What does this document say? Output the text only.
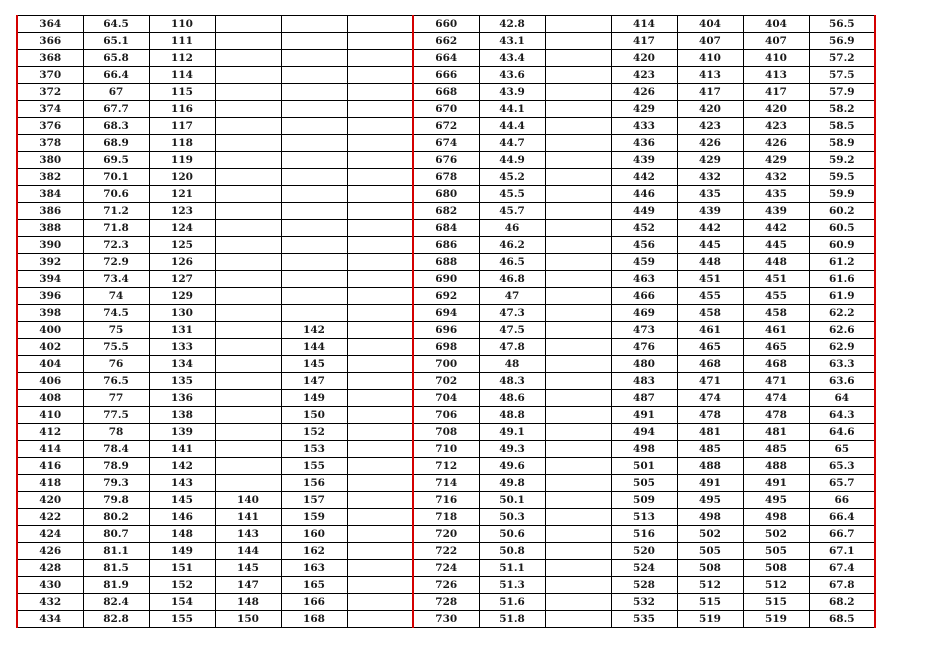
364	64.5	110				660	42.8		414	404	404	56.5
366	65.1	111				662	43.1		417	407	407	56.9
368	65.8	112				664	43.4		420	410	410	57.2
370	66.4	114				666	43.6		423	413	413	57.5
372	67	115				668	43.9		426	417	417	57.9
374	67.7	116				670	44.1		429	420	420	58.2
376	68.3	117				672	44.4		433	423	423	58.5
378	68.9	118				674	44.7		436	426	426	58.9
380	69.5	119				676	44.9		439	429	429	59.2
382	70.1	120				678	45.2		442	432	432	59.5
384	70.6	121				680	45.5		446	435	435	59.9
386	71.2	123				682	45.7		449	439	439	60.2
388	71.8	124				684	46		452	442	442	60.5
390	72.3	125				686	46.2		456	445	445	60.9
392	72.9	126				688	46.5		459	448	448	61.2
394	73.4	127				690	46.8		463	451	451	61.6
396	74	129				692	47		466	455	455	61.9
398	74.5	130				694	47.3		469	458	458	62.2
400	75	131		142		696	47.5		473	461	461	62.6
402	75.5	133		144		698	47.8		476	465	465	62.9
404	76	134		145		700	48		480	468	468	63.3
406	76.5	135		147		702	48.3		483	471	471	63.6
408	77	136		149		704	48.6		487	474	474	64
410	77.5	138		150		706	48.8		491	478	478	64.3
412	78	139		152		708	49.1		494	481	481	64.6
414	78.4	141		153		710	49.3		498	485	485	65
416	78.9	142		155		712	49.6		501	488	488	65.3
418	79.3	143		156		714	49.8		505	491	491	65.7
420	79.8	145	140	157		716	50.1		509	495	495	66
422	80.2	146	141	159		718	50.3		513	498	498	66.4
424	80.7	148	143	160		720	50.6		516	502	502	66.7
426	81.1	149	144	162		722	50.8		520	505	505	67.1
428	81.5	151	145	163		724	51.1		524	508	508	67.4
430	81.9	152	147	165		726	51.3		528	512	512	67.8
432	82.4	154	148	166		728	51.6		532	515	515	68.2
434	82.8	155	150	168		730	51.8		535	519	519	68.5
